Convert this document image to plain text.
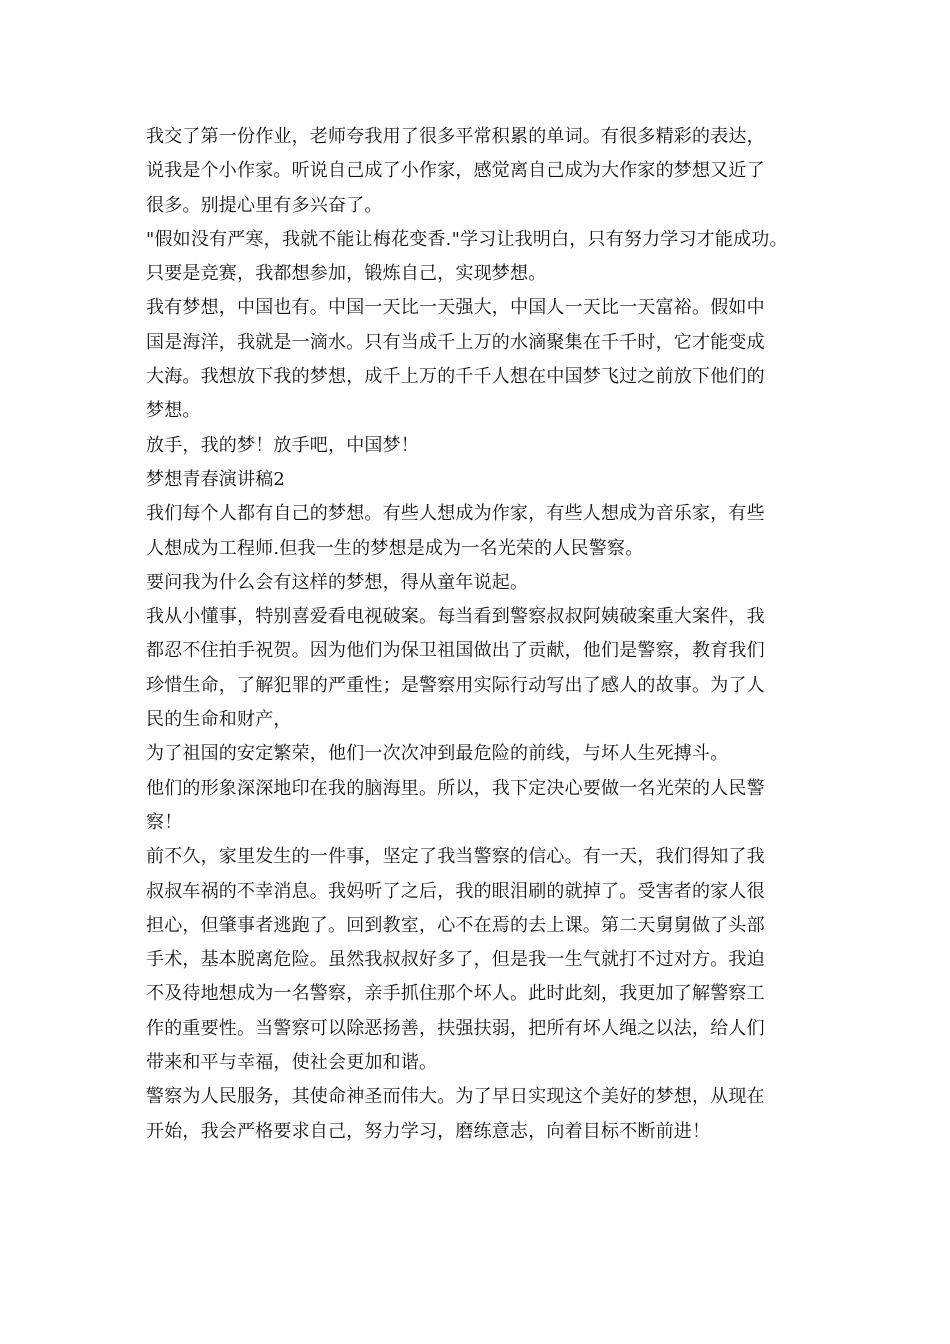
我交了第一份作业，老师夸我用了很多平常积累的单词。有很多精彩的表达，
说我是个小作家。听说自己成了小作家，感觉离自己成为大作家的梦想又近了
很多。别提心里有多兴奋了。
"假如没有严寒，我就不能让梅花变香."学习让我明白，只有努力学习才能成功。
只要是竞赛，我都想参加，锻炼自己，实现梦想。
我有梦想，中国也有。中国一天比一天强大，中国人一天比一天富裕。假如中
国是海洋，我就是一滴水。只有当成千上万的水滴聚集在千千时，它才能变成
大海。我想放下我的梦想，成千上万的千千人想在中国梦飞过之前放下他们的
梦想。
放手，我的梦！放手吧，中国梦！
梦想青春演讲稿2
我们每个人都有自己的梦想。有些人想成为作家，有些人想成为音乐家，有些
人想成为工程师.但我一生的梦想是成为一名光荣的人民警察。
要问我为什么会有这样的梦想，得从童年说起。
我从小懂事，特别喜爱看电视破案。每当看到警察叔叔阿姨破案重大案件，我
都忍不住拍手祝贺。因为他们为保卫祖国做出了贡献，他们是警察，教育我们
珍惜生命，了解犯罪的严重性；是警察用实际行动写出了感人的故事。为了人
民的生命和财产，
为了祖国的安定繁荣，他们一次次冲到最危险的前线，与坏人生死搏斗。
他们的形象深深地印在我的脑海里。所以，我下定决心要做一名光荣的人民警
察！
前不久，家里发生的一件事，坚定了我当警察的信心。有一天，我们得知了我
叔叔车祸的不幸消息。我妈听了之后，我的眼泪刷的就掉了。受害者的家人很
担心，但肇事者逃跑了。回到教室，心不在焉的去上课。第二天舅舅做了头部
手术，基本脱离危险。虽然我叔叔好多了，但是我一生气就打不过对方。我迫
不及待地想成为一名警察，亲手抓住那个坏人。此时此刻，我更加了解警察工
作的重要性。当警察可以除恶扬善，扶强扶弱，把所有坏人绳之以法，给人们
带来和平与幸福，使社会更加和谐。
警察为人民服务，其使命神圣而伟大。为了早日实现这个美好的梦想，从现在
开始，我会严格要求自己，努力学习，磨练意志，向着目标不断前进！
